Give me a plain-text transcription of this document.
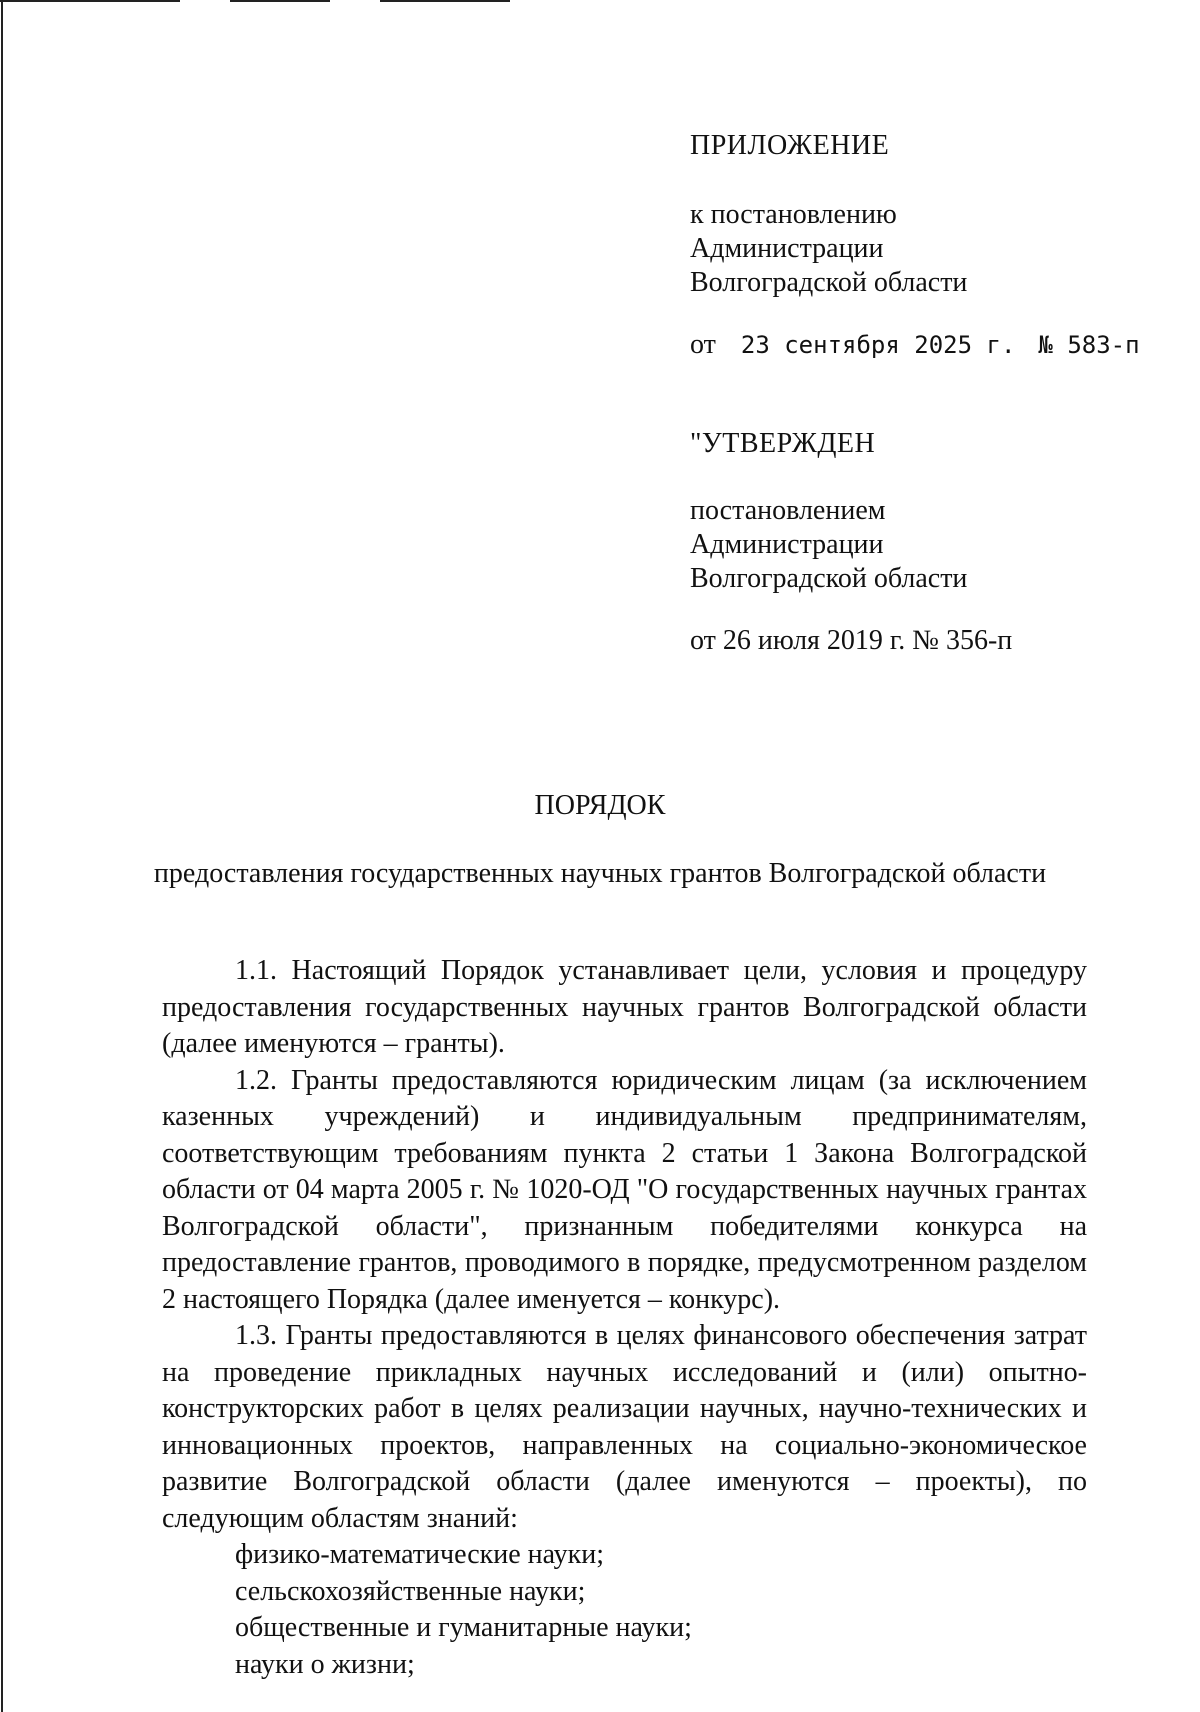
ПРИЛОЖЕНИЕ
к постановлению
Администрации
Волгоградской области
от 23 сентября 2025 г. № 583-п
"УТВЕРЖДЕН
постановлением
Администрации
Волгоградской области
от 26 июля 2019 г. № 356-п
ПОРЯДОК
предоставления государственных научных грантов Волгоградской области

1.1. Настоящий Порядок устанавливает цели, условия и процедуру предоставления государственных научных грантов Волгоградской области (далее именуются – гранты).

1.2. Гранты предоставляются юридическим лицам (за исключением казенных учреждений) и индивидуальным предпринимателям, соответствующим требованиям пункта 2 статьи 1 Закона Волгоградской области от 04 марта 2005 г. № 1020-ОД "О государственных научных грантах Волгоградской области", признанным победителями конкурса на предоставление грантов, проводимого в порядке, предусмотренном разделом 2 настоящего Порядка (далее именуется – конкурс).

1.3. Гранты предоставляются в целях финансового обеспечения затрат на проведение прикладных научных исследований и (или) опытно-конструкторских работ в целях реализации научных, научно-технических и инновационных проектов, направленных на социально-экономическое развитие Волгоградской области (далее именуются – проекты), по следующим областям знаний:

физико-математические науки;

сельскохозяйственные науки;

общественные и гуманитарные науки;

науки о жизни;
